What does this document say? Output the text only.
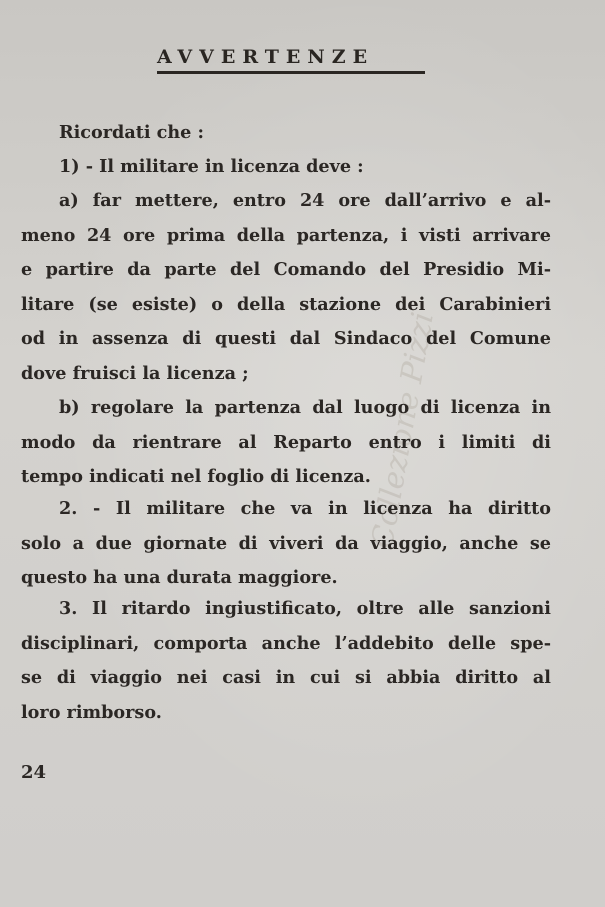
Collezione Pizzi
AVVERTENZE
Ricordati che :
1) - Il militare in licenza deve :
a) far mettere, entro 24 ore dall’arrivo e al-
meno 24 ore prima della partenza, i visti arrivare
e partire da parte del Comando del Presidio Mi-
litare (se esiste) o della stazione dei Carabinieri
od in assenza di questi dal Sindaco del Comune
dove fruisci la licenza ;
b) regolare la partenza dal luogo di licenza in
modo da rientrare al Reparto entro i limiti di
tempo indicati nel foglio di licenza.
2. - Il militare che va in licenza ha diritto
solo a due giornate di viveri da viaggio, anche se
questo ha una durata maggiore.
3. Il ritardo ingiustificato, oltre alle sanzioni
disciplinari, comporta anche l’addebito delle spe-
se di viaggio nei casi in cui si abbia diritto al
loro rimborso.
24
